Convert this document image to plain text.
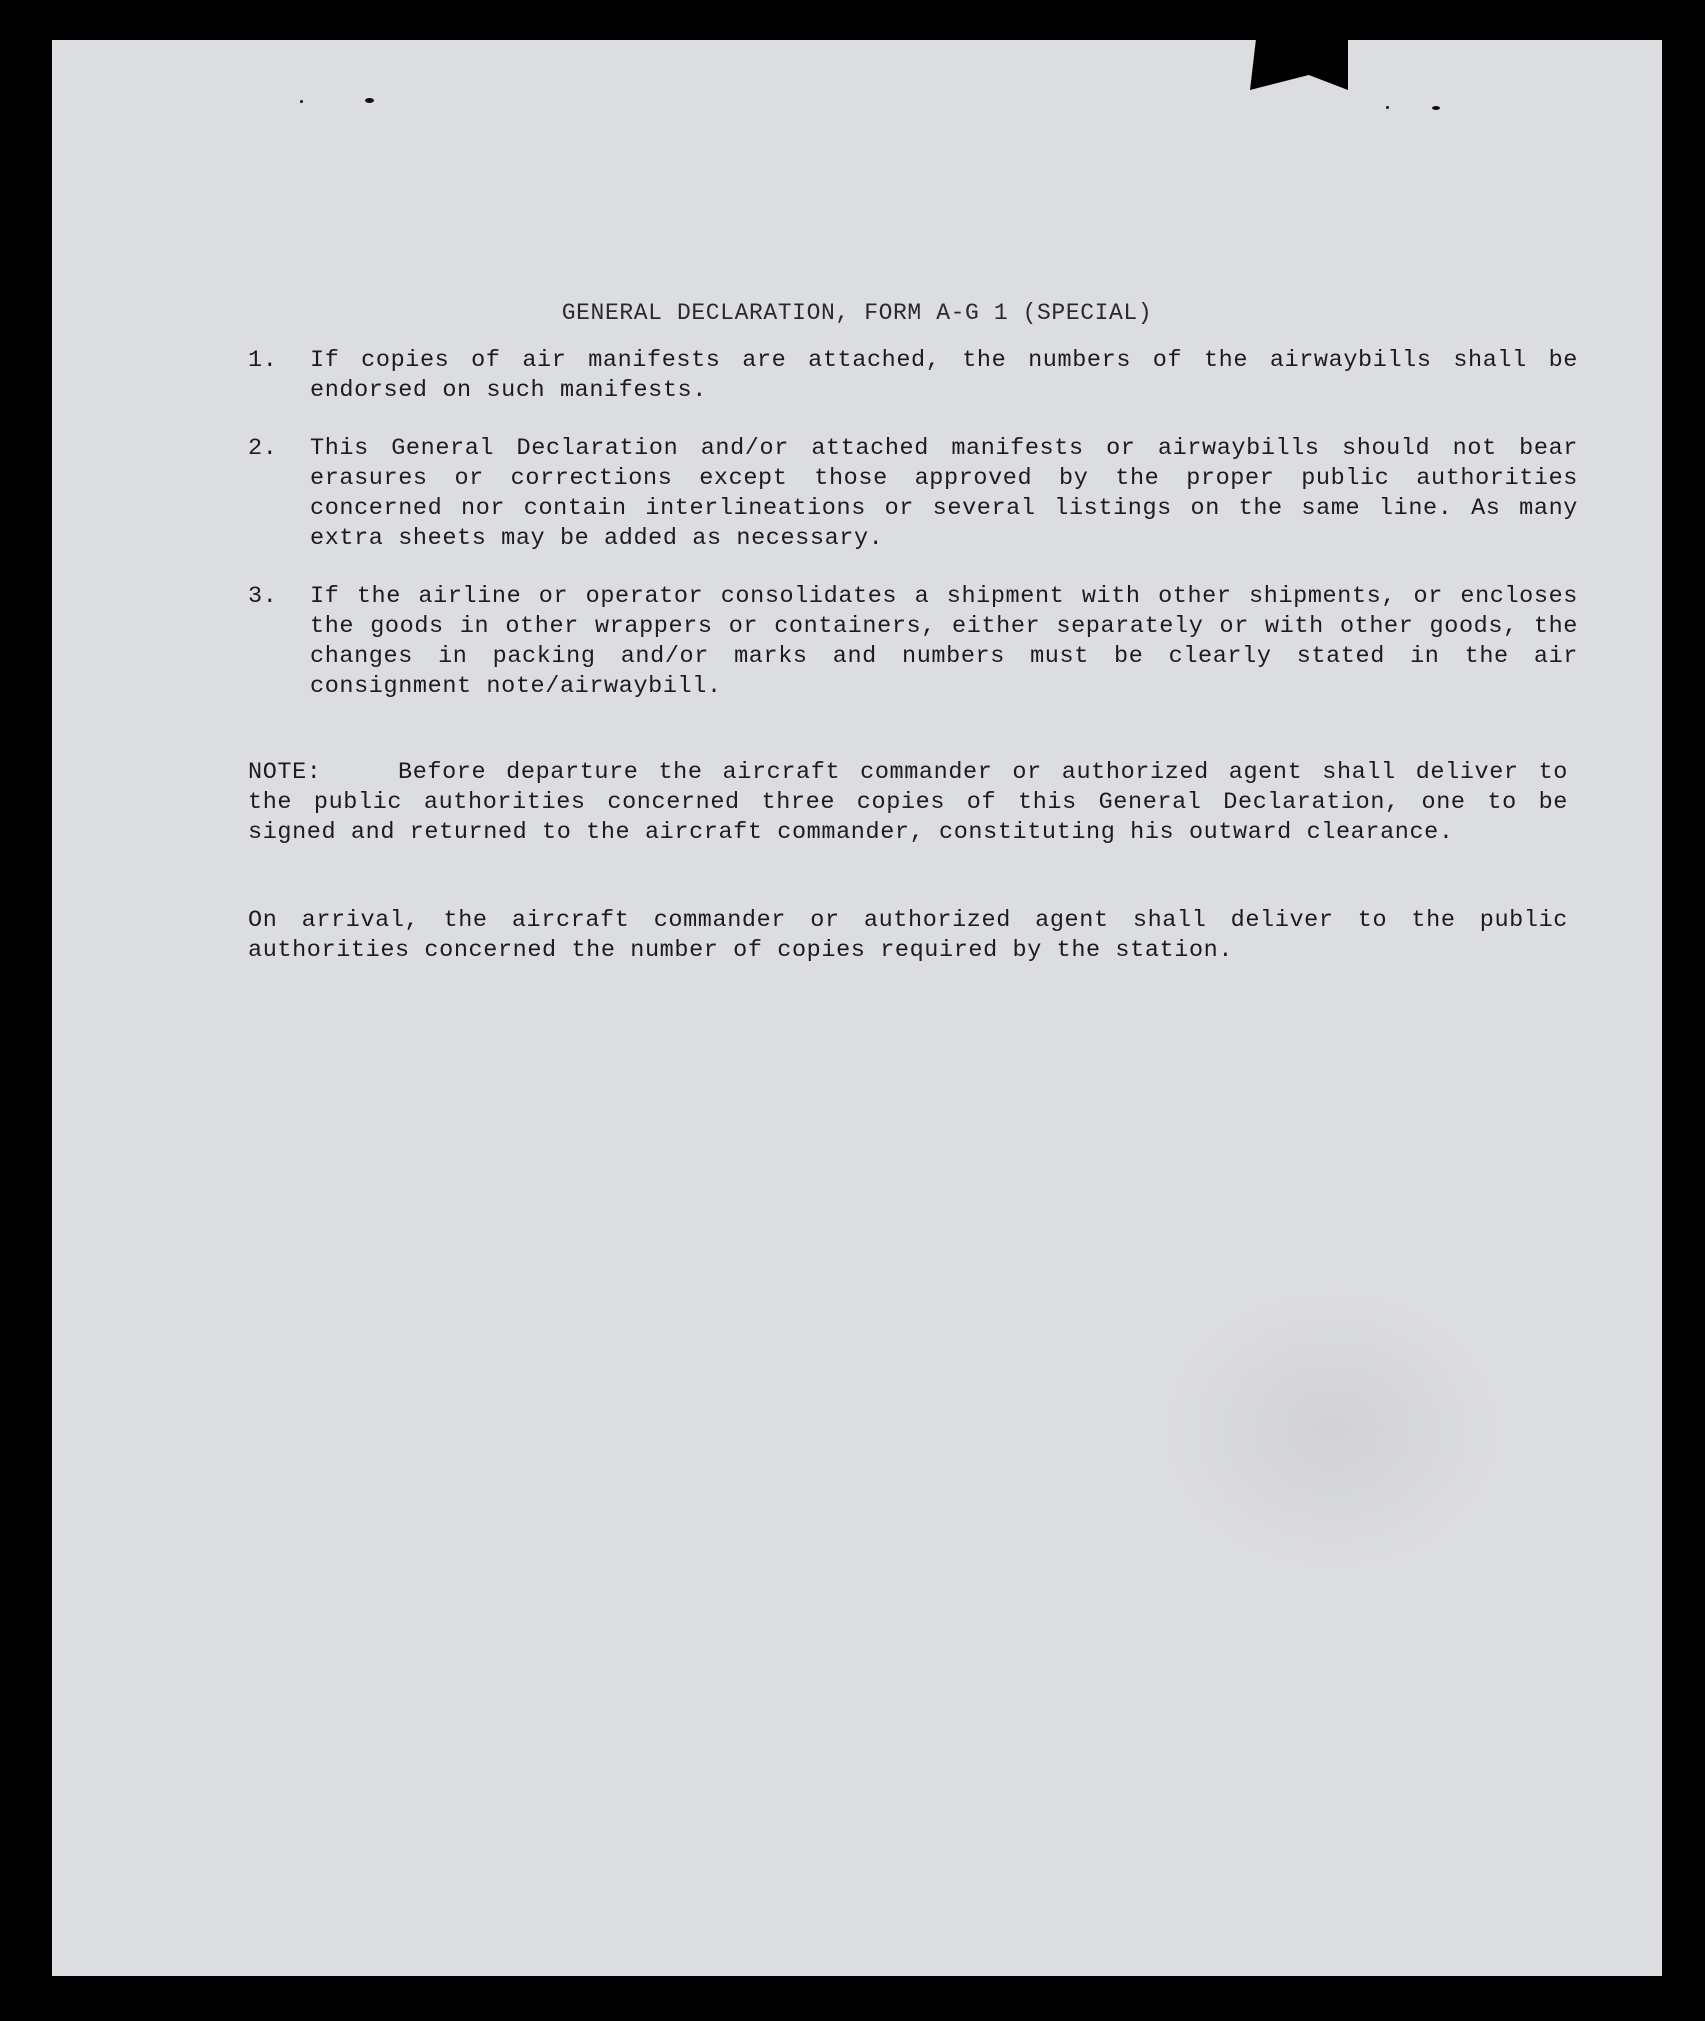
GENERAL DECLARATION, FORM A-G 1 (SPECIAL)

1.	If copies of air manifests are attached, the numbers of the airwaybills shall be endorsed on such manifests.

2.	This General Declaration and/or attached manifests or airwaybills should not bear erasures or corrections except those approved by the proper public authorities concerned nor contain interlineations or several listings on the same line. As many extra sheets may be added as necessary.

3.	If the airline or operator consolidates a shipment with other shipments, or encloses the goods in other wrappers or containers, either separately or with other goods, the changes in packing and/or marks and numbers must be clearly stated in the air consignment note/airwaybill.

NOTE:	Before departure the aircraft commander or authorized agent shall deliver to the public authorities concerned three copies of this General Declaration, one to be signed and returned to the aircraft commander, constituting his outward clearance.

On arrival, the aircraft commander or authorized agent shall deliver to the public authorities concerned the number of copies required by the station.
